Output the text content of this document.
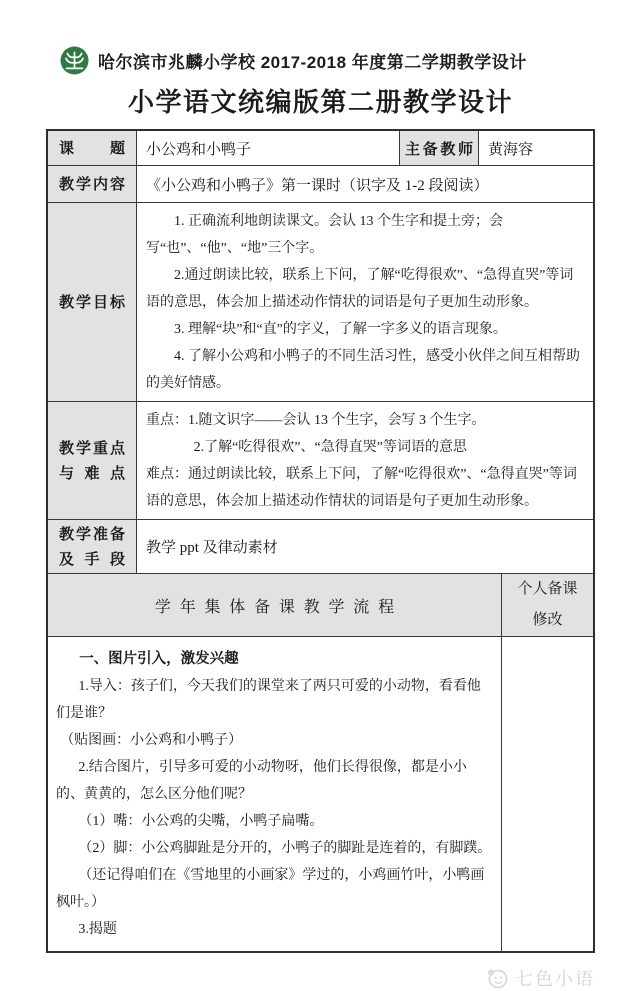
哈尔滨市兆麟小学校 2017-2018 年度第二学期教学设计
小学语文统编版第二册教学设计
课题 小公鸡和小鸭子	主备教师 黄海容
教学内容 《小公鸡和小鸭子》第一课时（识字及 1-2 段阅读）
教学目标

1. 正确流利地朗读课文。会认 13 个生字和提土旁；会写“也”、“他”、“地”三个字。

2.通过朗读比较，联系上下问，了解“吃得很欢”、“急得直哭”等词语的意思，体会加上描述动作情状的词语是句子更加生动形象。

3. 理解“块”和“直”的字义，了解一字多义的语言现象。

4. 了解小公鸡和小鸭子的不同生活习性，感受小伙伴之间互相帮助的美好情感。

教学重点与难点

重点：1.随文识字——会认 13 个生字，会写 3 个生字。

2.了解“吃得很欢”、“急得直哭”等词语的意思

难点：通过朗读比较，联系上下问，了解“吃得很欢”、“急得直哭”等词语的意思，体会加上描述动作情状的词语是句子更加生动形象。

教学准备及手段
教学 ppt 及律动素材
学年集体备课教学流程
个人备课
修改

一、图片引入，激发兴趣

1.导入：孩子们，今天我们的课堂来了两只可爱的小动物，看看他们是谁？

（贴图画：小公鸡和小鸭子）

2.结合图片，引导多可爱的小动物呀，他们长得很像，都是小小的、黄黄的，怎么区分他们呢？

（1）嘴：小公鸡的尖嘴，小鸭子扁嘴。

（2）脚：小公鸡脚趾是分开的，小鸭子的脚趾是连着的，有脚蹼。

（还记得咱们在《雪地里的小画家》学过的，小鸡画竹叶，小鸭画枫叶。）

3.揭题

七色小语
